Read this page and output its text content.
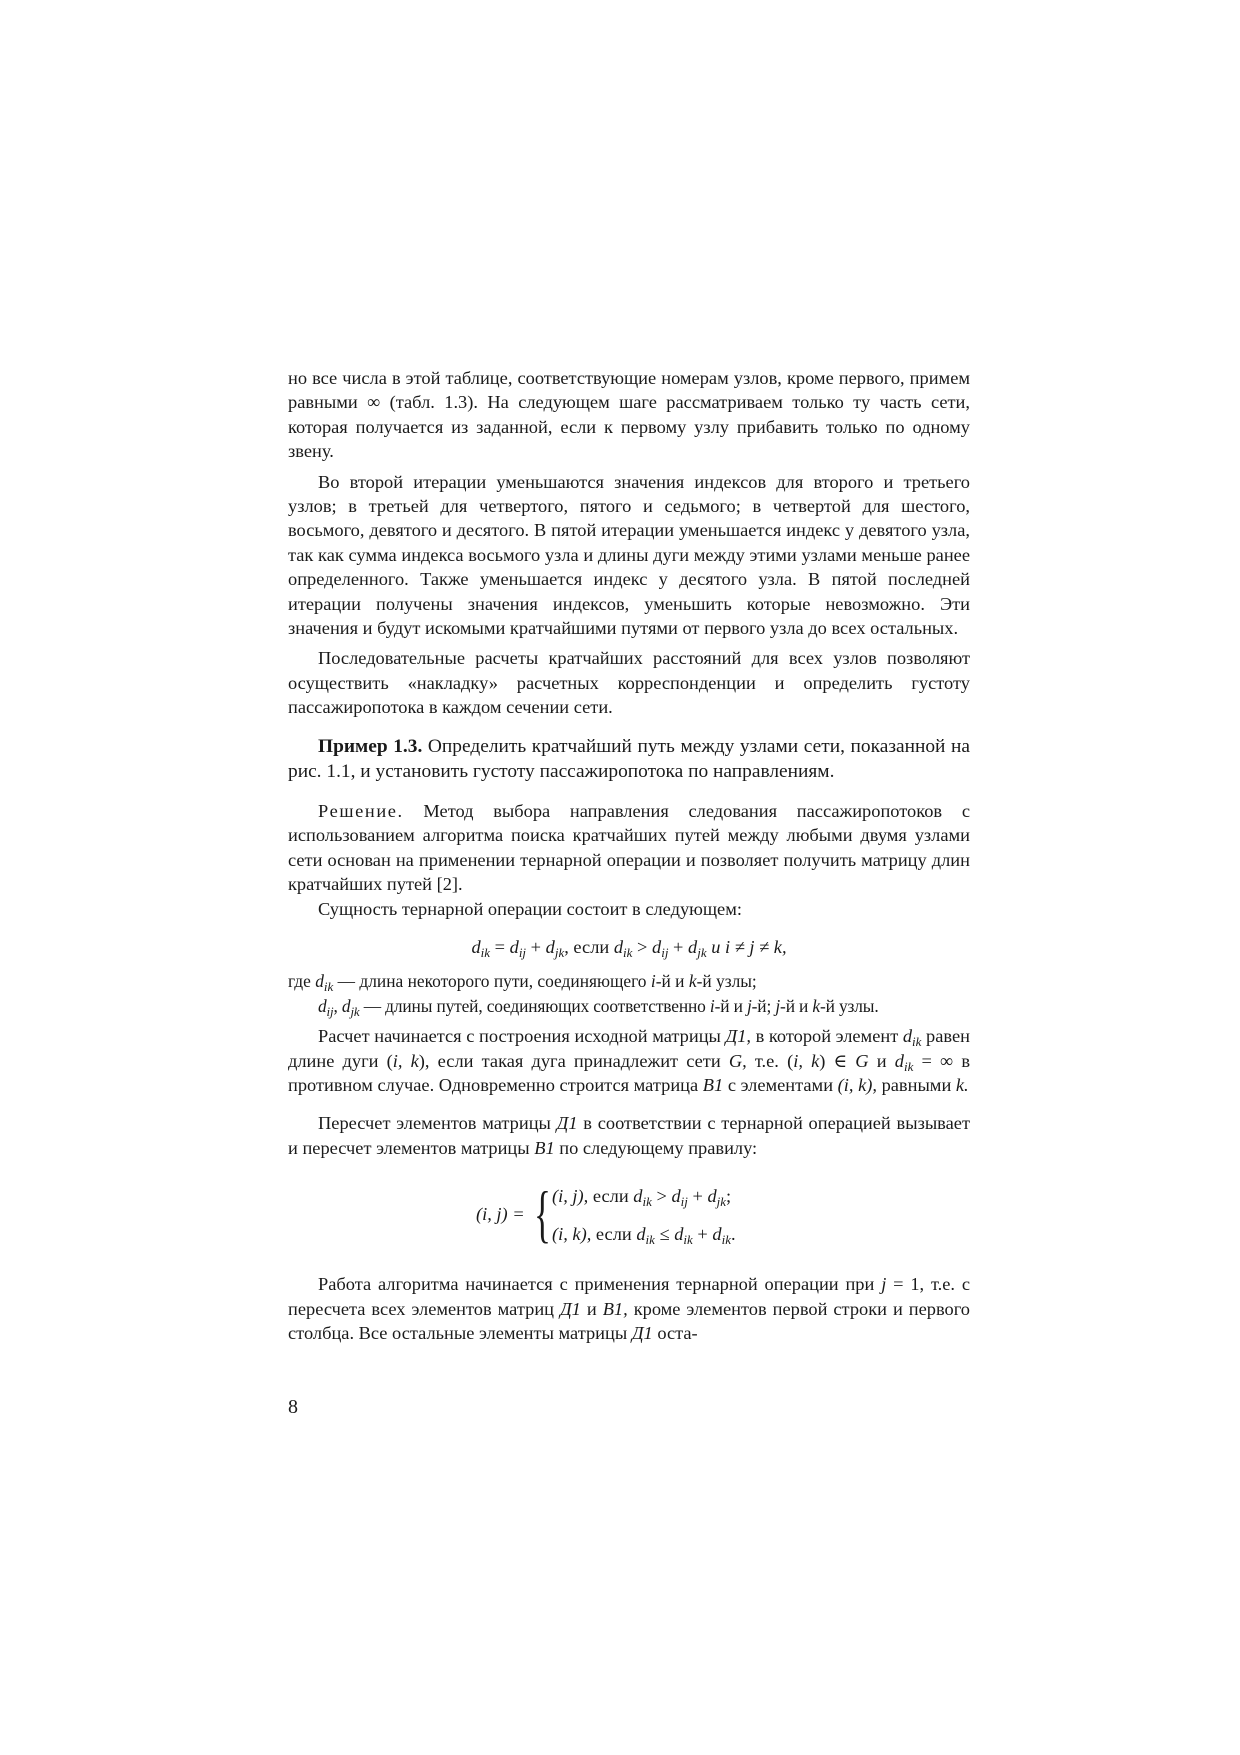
но все числа в этой таблице, соответствующие номерам узлов, кроме первого, примем равными ∞ (табл. 1.3). На следующем шаге рассматриваем только ту часть сети, которая получается из заданной, если к первому узлу прибавить только по одному звену.

Во второй итерации уменьшаются значения индексов для второго и третьего узлов; в третьей для четвертого, пятого и седьмого; в четвертой для шестого, восьмого, девятого и десятого. В пятой итерации уменьшается индекс у девятого узла, так как сумма индекса восьмого узла и длины дуги между этими узлами меньше ранее определенного. Также уменьшается индекс у десятого узла. В пятой последней итерации получены значения индексов, уменьшить которые невозможно. Эти значения и будут искомыми кратчайшими путями от первого узла до всех остальных.

Последовательные расчеты кратчайших расстояний для всех узлов позволяют осуществить «накладку» расчетных корреспонденции и определить густоту пассажиропотока в каждом сечении сети.

Пример 1.3. Определить кратчайший путь между узлами сети, показанной на рис. 1.1, и установить густоту пассажиропотока по направлениям.

Решение. Метод выбора направления следования пассажиропотоков с использованием алгоритма поиска кратчайших путей между любыми двумя узлами сети основан на применении тернарной операции и позволяет получить матрицу длин кратчайших путей [2].

Сущность тернарной операции состоит в следующем:

$d_{ik} = d_{ij} + d_{jk}$, если $d_{ik} > d_{ij} + d_{jk}$ и i ≠ j ≠ k,

где $d_{ik}$ — длина некоторого пути, соединяющего i-й и k-й узлы;

$d_{ij}$, $d_{jk}$ — длины путей, соединяющих соответственно i-й и j-й; j-й и k-й узлы.

Расчет начинается с построения исходной матрицы Д1, в которой элемент $d_{ik}$ равен длине дуги (i, k), если такая дуга принадлежит сети G, т.е. (i, k) ∈ G и $d_{ik}$ = ∞ в противном случае. Одновременно строится матрица В1 с элементами (i, k), равными k.

Пересчет элементов матрицы Д1 в соответствии с тернарной операцией вызывает и пересчет элементов матрицы В1 по следующему правилу:

(i, j) = { (i, j), если $d_{ik} > d_{ij} + d_{jk}$;
(i, k), если $d_{ik} \le d_{ik} + d_{ik}$.

Работа алгоритма начинается с применения тернарной операции при j = 1, т.е. с пересчета всех элементов матриц Д1 и В1, кроме элементов первой строки и первого столбца. Все остальные элементы матрицы Д1 оста-

8
